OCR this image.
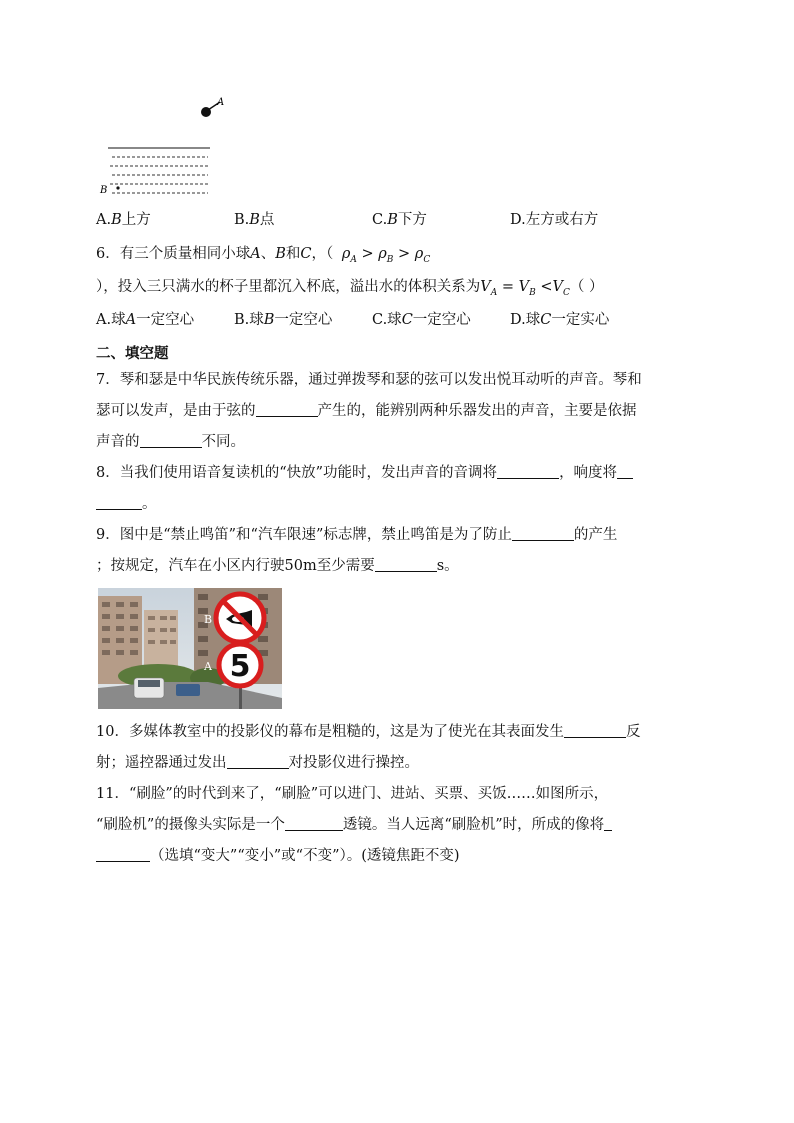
A
B
A.B上方	B.B点	C.B下方	D.左方或右方
6．有三个质量相同小球A、B和C，（ $\rho_A > \rho_B > \rho_C$
），投入三只满水的杯子里都沉入杯底，溢出水的体积关系为$V_A = V_B <V_C$（ ）
A.球A一定空心	B.球B一定空心	C.球C一定空心	D.球C一定实心
二、填空题
7．琴和瑟是中华民族传统乐器，通过弹拨琴和瑟的弦可以发出悦耳动听的声音。琴和
瑟可以发声，是由于弦的	产生的，能辨别两种乐器发出的声音，主要是依据
声音的	不同。
8．当我们使用语音复读机的“快放”功能时，发出声音的音调将	，响度将
。
9．图中是“禁止鸣笛”和“汽车限速”标志牌，禁止鸣笛是为了防止	的产生
；按规定，汽车在小区内行驶50m至少需要	s。
5
B
A
10．多媒体教室中的投影仪的幕布是粗糙的，这是为了使光在其表面发生	反
射；遥控器通过发出	对投影仪进行操控。
11．“刷脸”的时代到来了，“刷脸”可以进门、进站、买票、买饭……如图所示，
“刷脸机”的摄像头实际是一个	透镜。当人远离“刷脸机”时，所成的像将
（选填“变大”“变小”或“不变”）。(透镜焦距不变)
